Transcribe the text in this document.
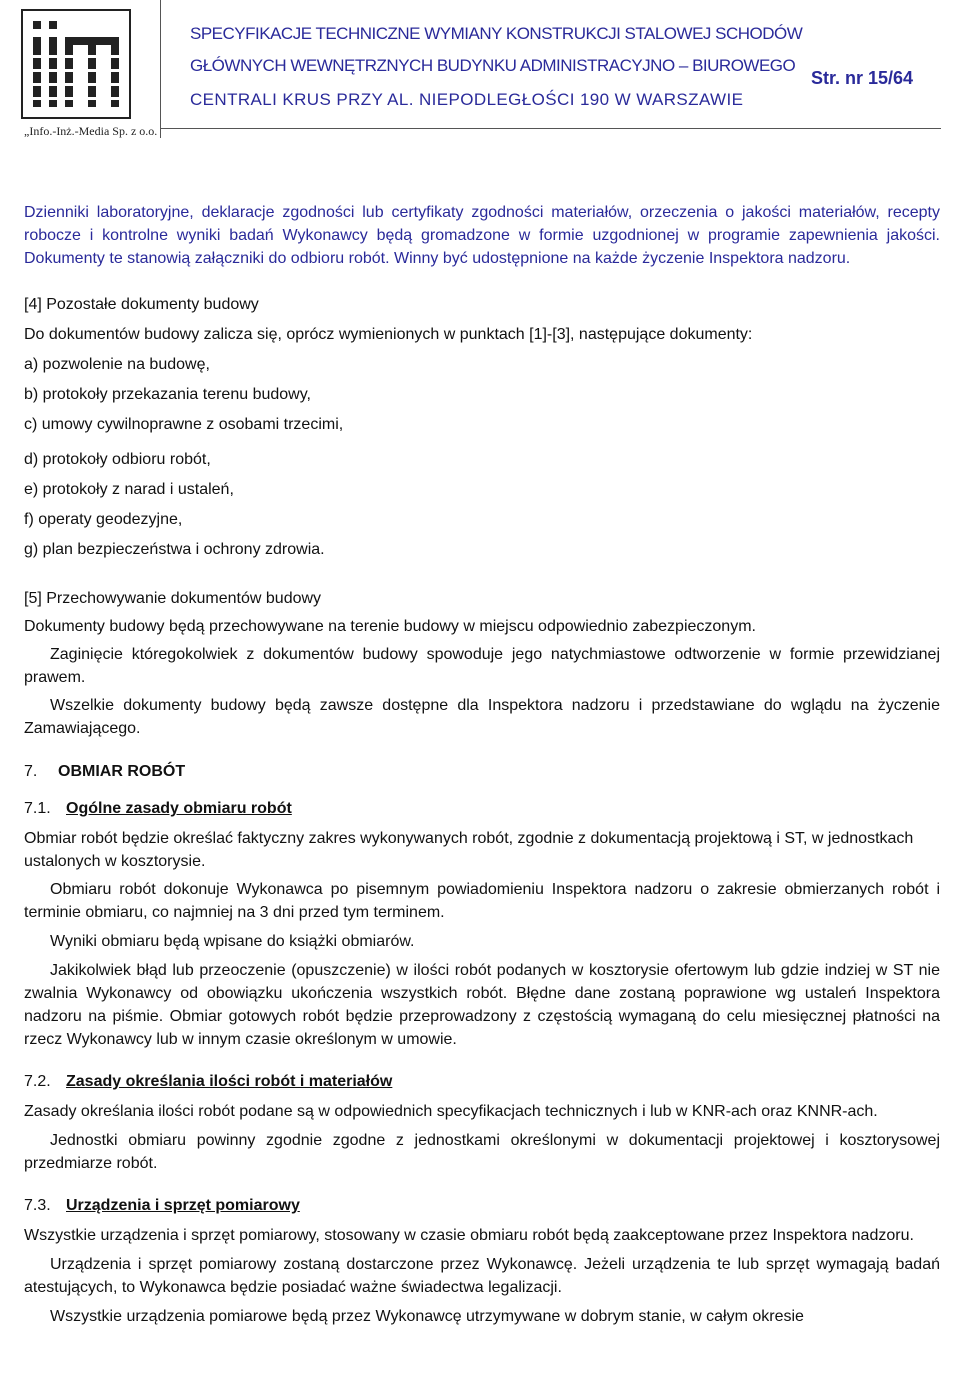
„Info.-Inż.-Media Sp. z o.o.
SPECYFIKACJE TECHNICZNE WYMIANY KONSTRUKCJI STALOWEJ SCHODÓW
GŁÓWNYCH WEWNĘTRZNYCH BUDYNKU ADMINISTRACYJNO – BIUROWEGO
CENTRALI KRUS PRZY AL. NIEPODLEGŁOŚCI 190 W WARSZAWIE
Str. nr 15/64

Dzienniki laboratoryjne, deklaracje zgodności lub certyfikaty zgodności materiałów, orzeczenia o jakości materiałów, recepty robocze i kontrolne wyniki badań Wykonawcy będą gromadzone w formie uzgodnionej w programie zapewnienia jakości. Dokumenty te stanowią załączniki do odbioru robót. Winny być udostępnione na każde życzenie Inspektora nadzoru.

[4] Pozostałe dokumenty budowy

Do dokumentów budowy zalicza się, oprócz wymienionych w punktach [1]-[3], następujące dokumenty:

a) pozwolenie na budowę,

b) protokoły przekazania terenu budowy,

c) umowy cywilnoprawne z osobami trzecimi,

d) protokoły odbioru robót,

e) protokoły z narad i ustaleń,

f) operaty geodezyjne,

g) plan bezpieczeństwa i ochrony zdrowia.

[5] Przechowywanie dokumentów budowy

Dokumenty budowy będą przechowywane na terenie budowy w miejscu odpowiednio zabezpieczonym.

Zaginięcie któregokolwiek z dokumentów budowy spowoduje jego natychmiastowe odtworzenie w formie przewidzianej prawem.

Wszelkie dokumenty budowy będą zawsze dostępne dla Inspektora nadzoru i przedstawiane do wglądu na życzenie Zamawiającego.

7. OBMIAR ROBÓT

7.1. Ogólne zasady obmiaru robót

Obmiar robót będzie określać faktyczny zakres wykonywanych robót, zgodnie z dokumentacją projektową i ST, w jednostkach ustalonych w kosztorysie.

Obmiaru robót dokonuje Wykonawca po pisemnym powiadomieniu Inspektora nadzoru o zakresie obmierzanych robót i terminie obmiaru, co najmniej na 3 dni przed tym terminem.

Wyniki obmiaru będą wpisane do książki obmiarów.

Jakikolwiek błąd lub przeoczenie (opuszczenie) w ilości robót podanych w kosztorysie ofertowym lub gdzie indziej w ST nie zwalnia Wykonawcy od obowiązku ukończenia wszystkich robót. Błędne dane zostaną poprawione wg ustaleń Inspektora nadzoru na piśmie. Obmiar gotowych robót będzie przeprowadzony z częstością wymaganą do celu miesięcznej płatności na rzecz Wykonawcy lub w innym czasie określonym w umowie.

7.2. Zasady określania ilości robót i materiałów

Zasady określania ilości robót podane są w odpowiednich specyfikacjach technicznych i lub w KNR-ach oraz KNNR-ach.

Jednostki obmiaru powinny zgodnie zgodne z jednostkami określonymi w dokumentacji projektowej i kosztorysowej przedmiarze robót.

7.3. Urządzenia i sprzęt pomiarowy

Wszystkie urządzenia i sprzęt pomiarowy, stosowany w czasie obmiaru robót będą zaakceptowane przez Inspektora nadzoru.

Urządzenia i sprzęt pomiarowy zostaną dostarczone przez Wykonawcę. Jeżeli urządzenia te lub sprzęt wymagają badań atestujących, to Wykonawca będzie posiadać ważne świadectwa legalizacji.

Wszystkie urządzenia pomiarowe będą przez Wykonawcę utrzymywane w dobrym stanie, w całym okresie
